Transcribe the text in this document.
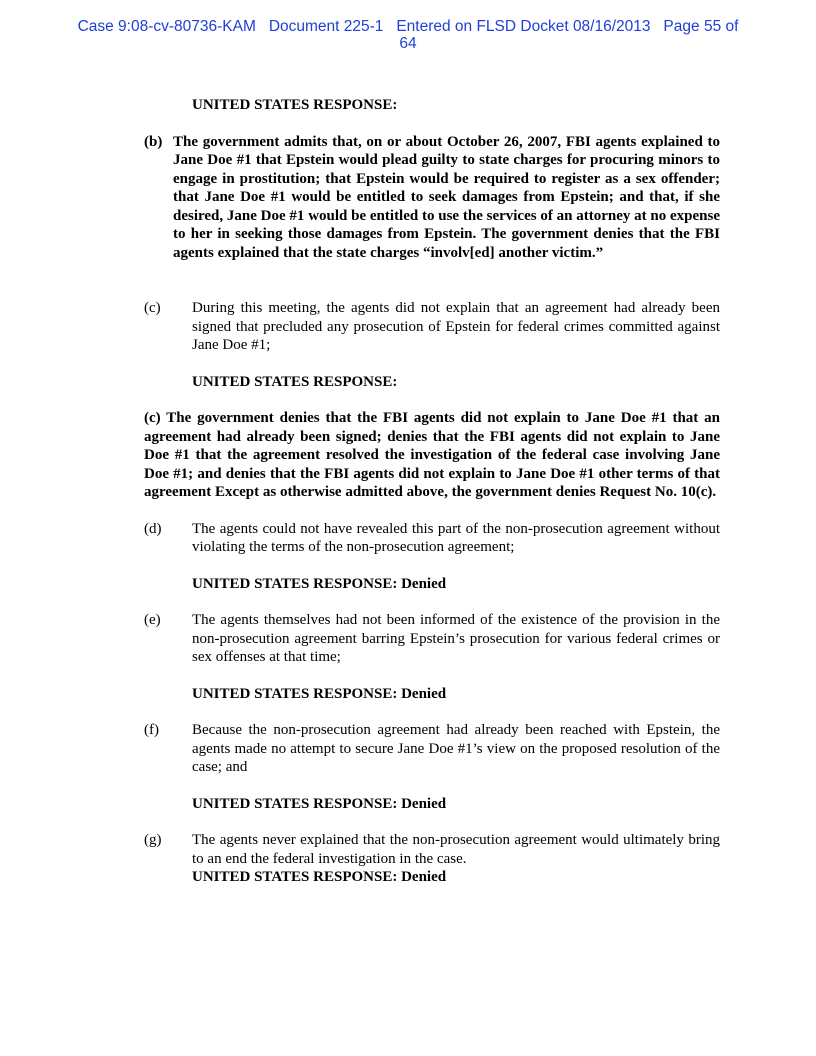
Case 9:08-cv-80736-KAM   Document 225-1   Entered on FLSD Docket 08/16/2013   Page 55 of
64
UNITED STATES RESPONSE:
(b) The government admits that, on or about October 26, 2007, FBI agents explained to Jane Doe #1 that Epstein would plead guilty to state charges for procuring minors to engage in prostitution; that Epstein would be required to register as a sex offender; that Jane Doe #1 would be entitled to seek damages from Epstein; and that, if she desired, Jane Doe #1 would be entitled to use the services of an attorney at no expense to her in seeking those damages from Epstein. The government denies that the FBI agents explained that the state charges “involv[ed] another victim.”
(c)	During this meeting, the agents did not explain that an agreement had already been signed that precluded any prosecution of Epstein for federal crimes committed against Jane Doe #1;
UNITED STATES RESPONSE:
(c) The government denies that the FBI agents did not explain to Jane Doe #1 that an agreement had already been signed; denies that the FBI agents did not explain to Jane Doe #1 that the agreement resolved the investigation of the federal case involving Jane Doe #1; and denies that the FBI agents did not explain to Jane Doe #1 other terms of that agreement Except as otherwise admitted above, the government denies Request No. 10(c).
(d)	The agents could not have revealed this part of the non-prosecution agreement without violating the terms of the non-prosecution agreement;
UNITED STATES RESPONSE: Denied
(e)	The agents themselves had not been informed of the existence of the provision in the non-prosecution agreement barring Epstein’s prosecution for various federal crimes or sex offenses at that time;
UNITED STATES RESPONSE: Denied
(f)	Because the non-prosecution agreement had already been reached with Epstein, the agents made no attempt to secure Jane Doe #1’s view on the proposed resolution of the case; and
UNITED STATES RESPONSE: Denied
(g)	The agents never explained that the non-prosecution agreement would ultimately bring to an end the federal investigation in the case.
UNITED STATES RESPONSE: Denied
